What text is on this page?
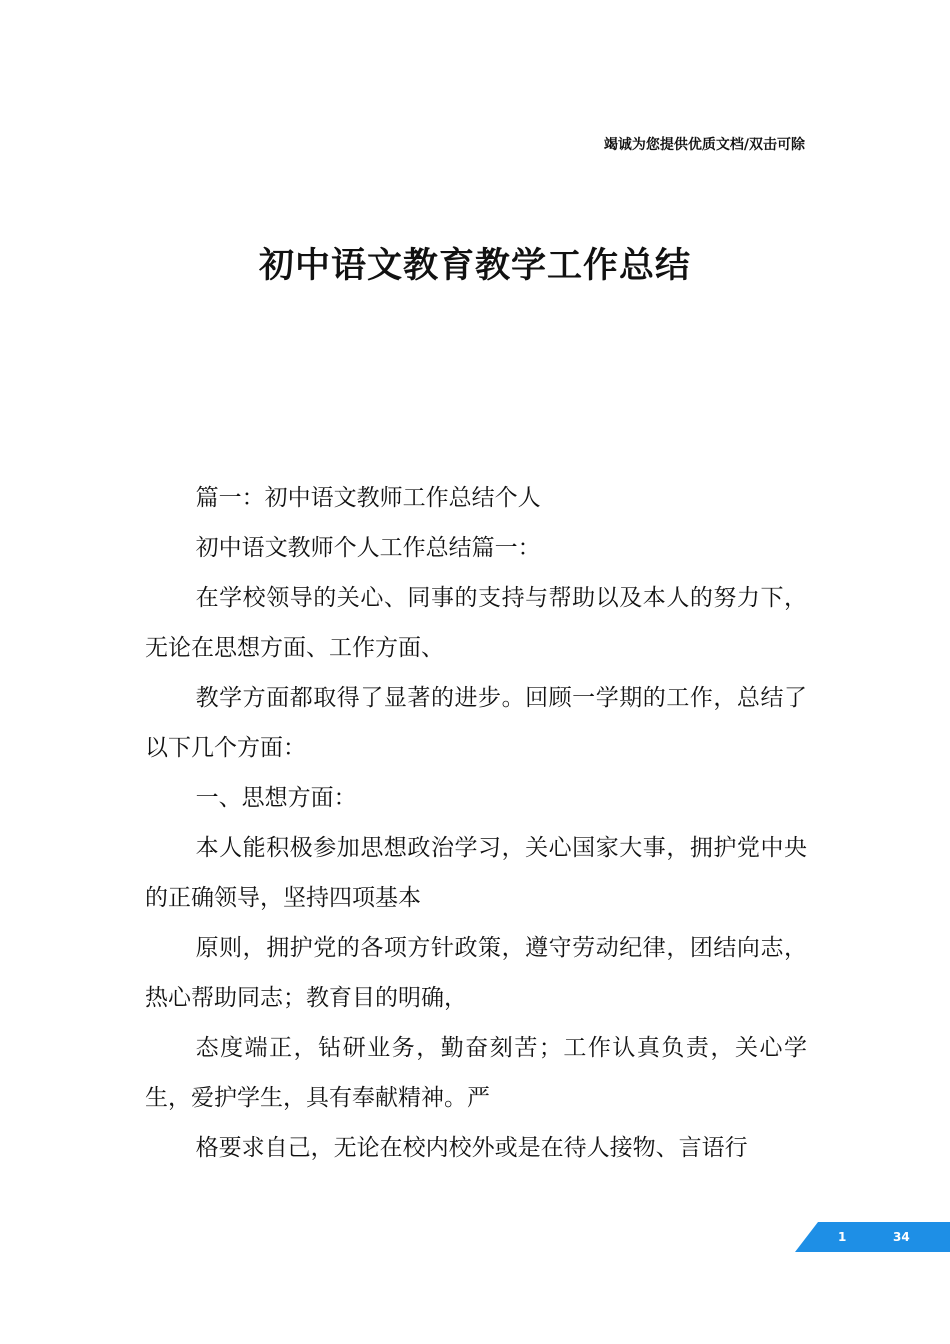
竭诚为您提供优质文档/双击可除
初中语文教育教学工作总结

篇一：初中语文教师工作总结个人

初中语文教师个人工作总结篇一：

在学校领导的关心、同事的支持与帮助以及本人的努力下，无论在思想方面、工作方面、

教学方面都取得了显著的进步。回顾一学期的工作，总结了以下几个方面：

一、思想方面：

本人能积极参加思想政治学习，关心国家大事，拥护党中央的正确领导，坚持四项基本

原则，拥护党的各项方针政策，遵守劳动纪律，团结向志，热心帮助同志；教育目的明确，

态度端正，钻研业务，勤奋刻苦；工作认真负责，关心学生，爱护学生，具有奉献精神。严

格要求自己，无论在校内校外或是在待人接物、言语行

1	34
